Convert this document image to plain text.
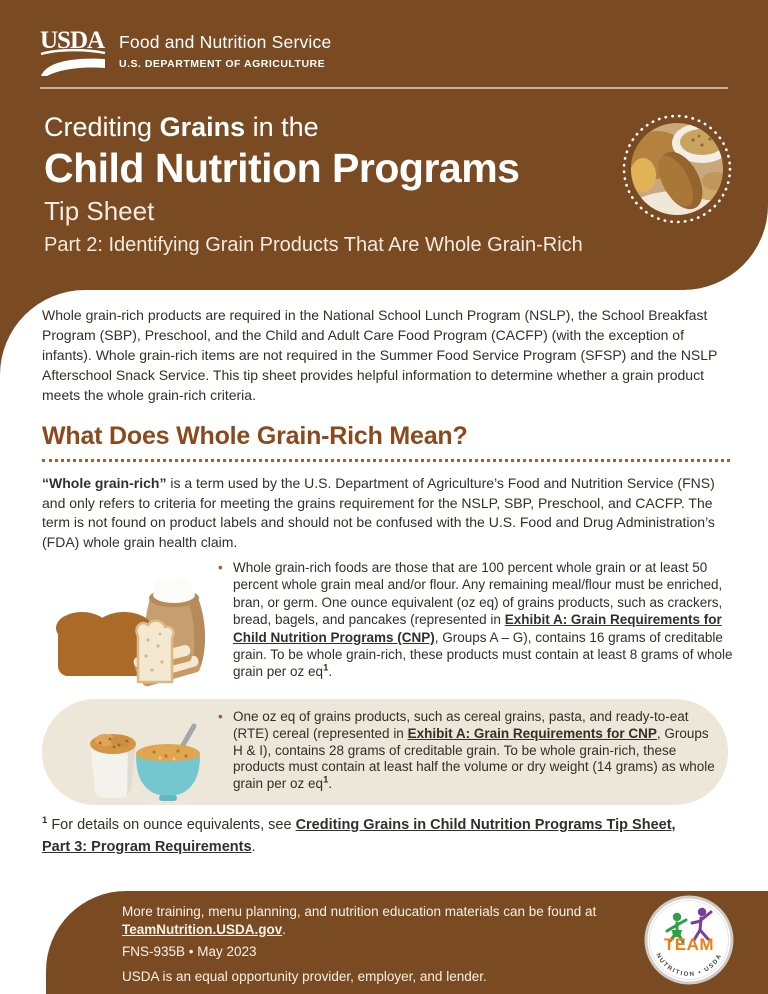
USDA Food and Nutrition Service
U.S. DEPARTMENT OF AGRICULTURE
Crediting Grains in the
Child Nutrition Programs
Tip Sheet
Part 2: Identifying Grain Products That Are Whole Grain-Rich
Whole grain-rich products are required in the National School Lunch Program (NSLP), the School Breakfast Program (SBP), Preschool, and the Child and Adult Care Food Program (CACFP) (with the exception of infants). Whole grain-rich items are not required in the Summer Food Service Program (SFSP) and the NSLP Afterschool Snack Service. This tip sheet provides helpful information to determine whether a grain product meets the whole grain-rich criteria.
What Does Whole Grain-Rich Mean?
“Whole grain-rich” is a term used by the U.S. Department of Agriculture’s Food and Nutrition Service (FNS) and only refers to criteria for meeting the grains requirement for the NSLP, SBP, Preschool, and CACFP. The term is not found on product labels and should not be confused with the U.S. Food and Drug Administration’s (FDA) whole grain health claim.
• Whole grain-rich foods are those that are 100 percent whole grain or at least 50 percent whole grain meal and/or flour. Any remaining meal/flour must be enriched, bran, or germ. One ounce equivalent (oz eq) of grains products, such as crackers, bread, bagels, and pancakes (represented in Exhibit A: Grain Requirements for Child Nutrition Programs (CNP), Groups A – G), contains 16 grams of creditable grain. To be whole grain-rich, these products must contain at least 8 grams of whole grain per oz eq$^1$.
• One oz eq of grains products, such as cereal grains, pasta, and ready-to-eat (RTE) cereal (represented in Exhibit A: Grain Requirements for CNP, Groups H & I), contains 28 grams of creditable grain. To be whole grain-rich, these products must contain at least half the volume or dry weight (14 grams) as whole grain per oz eq$^1$.
$^1$ For details on ounce equivalents, see Crediting Grains in Child Nutrition Programs Tip Sheet,
Part 3: Program Requirements.
More training, menu planning, and nutrition education materials can be found at
TeamNutrition.USDA.gov.
FNS-935B • May 2023
USDA is an equal opportunity provider, employer, and lender.
TEAM
NUTRITION • USDA
